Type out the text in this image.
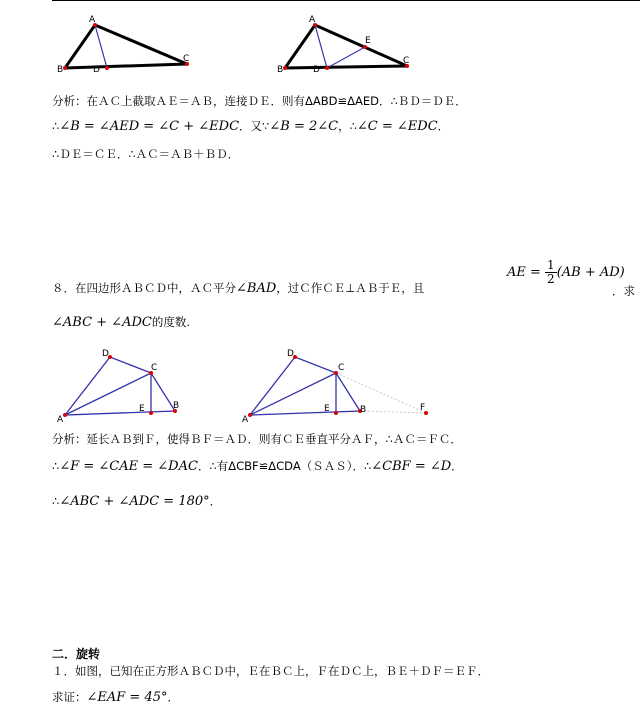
A
B	D
C
A
B	D
E
C
分析：在ＡＣ上截取ＡＥ＝ＡＢ，连接ＤＥ．则有ΔABD≌ΔAED．∴ＢＤ＝ＤＥ．
∴∠B = ∠AED = ∠C + ∠EDC．又∵∠B = 2∠C，∴∠C = ∠EDC．
∴ＤＥ＝ＣＥ．∴ＡＣ＝ＡＢ＋ＢＤ．
８．在四边形ＡＢＣＤ中，ＡＣ平分∠BAD，过Ｃ作ＣＥ⊥ＡＢ于Ｅ，且
AE = $\frac{1}{2} (AB + AD)$
．求
∠ABC + ∠ADC的度数.
A
D
C
E	B
A
D
C
E	B	F
分析：延长ＡＢ到Ｆ，使得ＢＦ＝ＡＤ．则有ＣＥ垂直平分ＡＦ，∴ＡＣ＝ＦＣ．
∴∠F = ∠CAE = ∠DAC．∴有ΔCBF≌ΔCDA（ＳＡＳ）．∴∠CBF = ∠D．
∴∠ABC + ∠ADC = 180°．
二．旋转
１．如图，已知在正方形ＡＢＣＤ中，Ｅ在ＢＣ上，Ｆ在ＤＣ上，ＢＥ＋ＤＦ＝ＥＦ．
求证：∠EAF = 45°．
